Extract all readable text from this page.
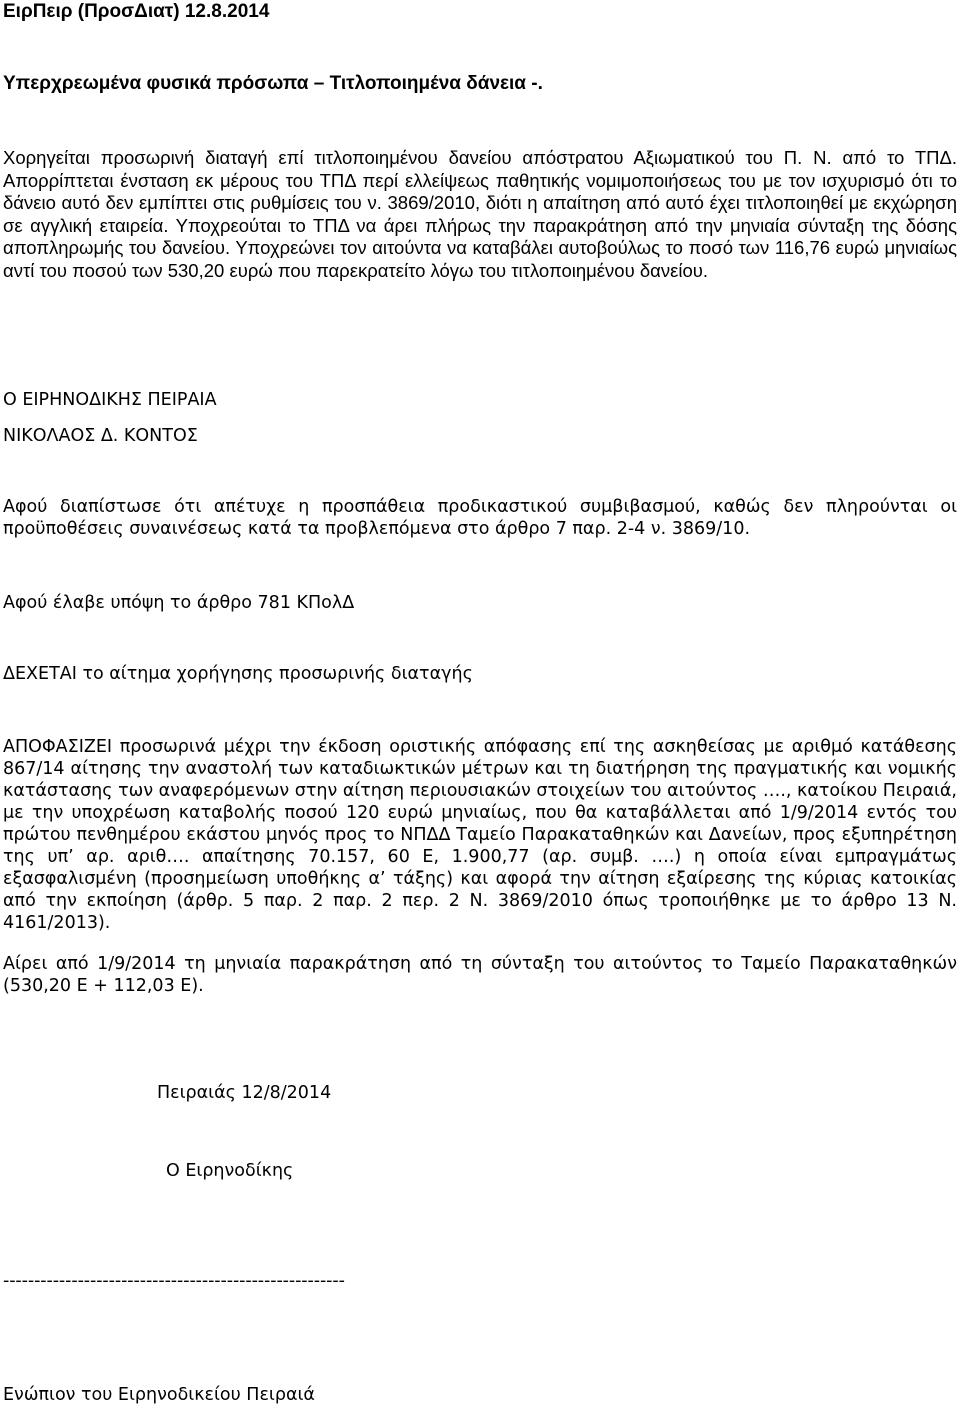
ΕιρΠειρ (ΠροσΔιατ) 12.8.2014

Υπερχρεωμένα φυσικά πρόσωπα – Τιτλοποιημένα δάνεια -.

Χορηγείται προσωρινή διαταγή επί τιτλοποιημένου δανείου απόστρατου Αξιωματικού του Π. Ν. από το ΤΠΔ. Απορρίπτεται ένσταση εκ μέρους του ΤΠΔ περί ελλείψεως παθητικής νομιμοποιήσεως του με τον ισχυρισμό ότι το δάνειο αυτό δεν εμπίπτει στις ρυθμίσεις του ν. 3869/2010, διότι η απαίτηση από αυτό έχει τιτλοποιηθεί με εκχώρηση σε αγγλική εταιρεία. Υποχρεούται το ΤΠΔ να άρει πλήρως την παρακράτηση από την μηνιαία σύνταξη της δόσης αποπληρωμής του δανείου. Υποχρεώνει τον αιτούντα να καταβάλει αυτοβούλως το ποσό των 116,76 ευρώ μηνιαίως αντί του ποσού των 530,20 ευρώ που παρεκρατείτο λόγω του τιτλοποιημένου δανείου.

Ο ΕΙΡΗΝΟΔΙΚΗΣ ΠΕΙΡΑΙΑ

ΝΙΚΟΛΑΟΣ Δ. ΚΟΝΤΟΣ

Αφού διαπίστωσε ότι απέτυχε η προσπάθεια προδικαστικού συμβιβασμού, καθώς δεν πληρούνται οι προϋποθέσεις συναινέσεως κατά τα προβλεπόμενα στο άρθρο 7 παρ. 2-4 ν. 3869/10.

Αφού έλαβε υπόψη το άρθρο 781 ΚΠολΔ

ΔΕΧΕΤΑΙ το αίτημα χορήγησης προσωρινής διαταγής

ΑΠΟΦΑΣΙΖΕΙ προσωρινά μέχρι την έκδοση οριστικής απόφασης επί της ασκηθείσας με αριθμό κατάθεσης 867/14 αίτησης την αναστολή των καταδιωκτικών μέτρων και τη διατήρηση της πραγματικής και νομικής κατάστασης των αναφερόμενων στην αίτηση περιουσιακών στοιχείων του αιτούντος …., κατοίκου Πειραιά, με την υποχρέωση καταβολής ποσού 120 ευρώ μηνιαίως, που θα καταβάλλεται από 1/9/2014 εντός του πρώτου πενθημέρου εκάστου μηνός προς το ΝΠΔΔ Ταμείο Παρακαταθηκών και Δανείων, προς εξυπηρέτηση της υπ’ αρ. αριθ…. απαίτησης 70.157, 60 Ε, 1.900,77 (αρ. συμβ. ….) η οποία είναι εμπραγμάτως εξασφαλισμένη (προσημείωση υποθήκης α’ τάξης) και αφορά την αίτηση εξαίρεσης της κύριας κατοικίας από την εκποίηση (άρθρ. 5 παρ. 2 παρ. 2 περ. 2 Ν. 3869/2010 όπως τροποιήθηκε με το άρθρο 13 Ν. 4161/2013).

Αίρει από 1/9/2014 τη μηνιαία παρακράτηση από τη σύνταξη του αιτούντος το Ταμείο Παρακαταθηκών (530,20 Ε + 112,03 Ε).

Πειραιάς 12/8/2014

Ο Ειρηνοδίκης

-------------------------------------------------------

Ενώπιον του Ειρηνοδικείου Πειραιά
